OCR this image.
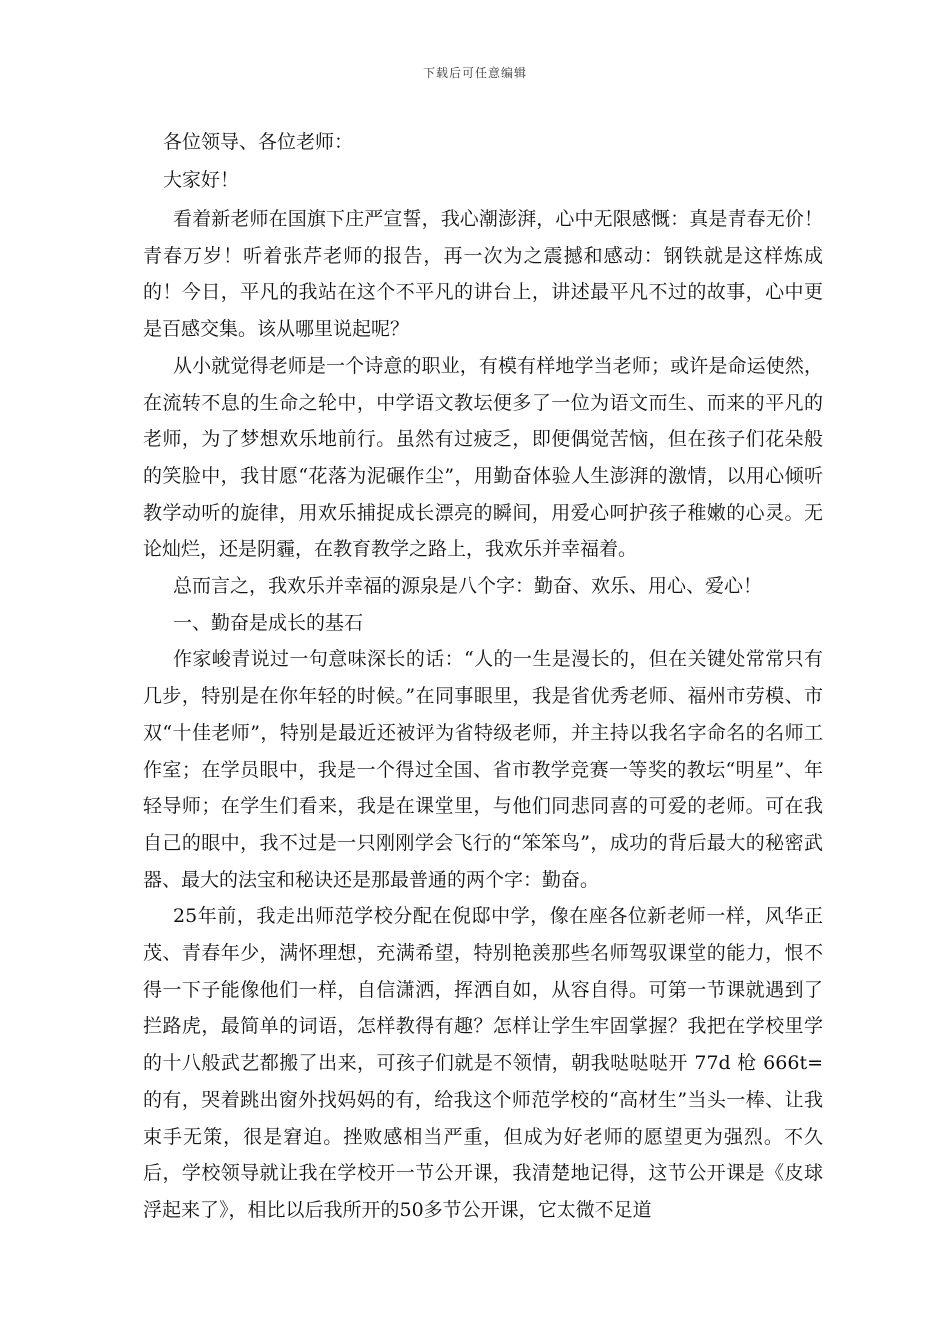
下载后可任意编辑

各位领导、各位老师：

大家好！

看着新老师在国旗下庄严宣誓，我心潮澎湃，心中无限感慨：真是青春无价！青春万岁！听着张芹老师的报告，再一次为之震撼和感动：钢铁就是这样炼成的！今日，平凡的我站在这个不平凡的讲台上，讲述最平凡不过的故事，心中更是百感交集。该从哪里说起呢？

从小就觉得老师是一个诗意的职业，有模有样地学当老师；或许是命运使然，在流转不息的生命之轮中，中学语文教坛便多了一位为语文而生、而来的平凡的老师，为了梦想欢乐地前行。虽然有过疲乏，即便偶觉苦恼，但在孩子们花朵般的笑脸中，我甘愿“花落为泥碾作尘”，用勤奋体验人生澎湃的激情，以用心倾听教学动听的旋律，用欢乐捕捉成长漂亮的瞬间，用爱心呵护孩子稚嫩的心灵。无论灿烂，还是阴霾，在教育教学之路上，我欢乐并幸福着。

总而言之，我欢乐并幸福的源泉是八个字：勤奋、欢乐、用心、爱心！

一、勤奋是成长的基石

作家峻青说过一句意味深长的话：“人的一生是漫长的，但在关键处常常只有几步，特别是在你年轻的时候。”在同事眼里，我是省优秀老师、福州市劳模、市双“十佳老师”，特别是最近还被评为省特级老师，并主持以我名字命名的名师工作室；在学员眼中，我是一个得过全国、省市教学竞赛一等奖的教坛“明星”、年轻导师；在学生们看来，我是在课堂里，与他们同悲同喜的可爱的老师。可在我自己的眼中，我不过是一只刚刚学会飞行的“笨笨鸟”，成功的背后最大的秘密武器、最大的法宝和秘诀还是那最普通的两个字：勤奋。

25年前，我走出师范学校分配在倪邸中学，像在座各位新老师一样，风华正茂、青春年少，满怀理想，充满希望，特别艳羡那些名师驾驭课堂的能力，恨不得一下子能像他们一样，自信潇洒，挥洒自如，从容自得。可第一节课就遇到了拦路虎，最简单的词语，怎样教得有趣？怎样让学生牢固掌握？我把在学校里学的十八般武艺都搬了出来，可孩子们就是不领情，朝我哒哒哒开 77d 枪 666t=的有，哭着跳出窗外找妈妈的有，给我这个师范学校的“高材生”当头一棒、让我束手无策，很是窘迫。挫败感相当严重，但成为好老师的愿望更为强烈。不久后，学校领导就让我在学校开一节公开课，我清楚地记得，这节公开课是《皮球浮起来了》，相比以后我所开的50多节公开课，它太微不足道
